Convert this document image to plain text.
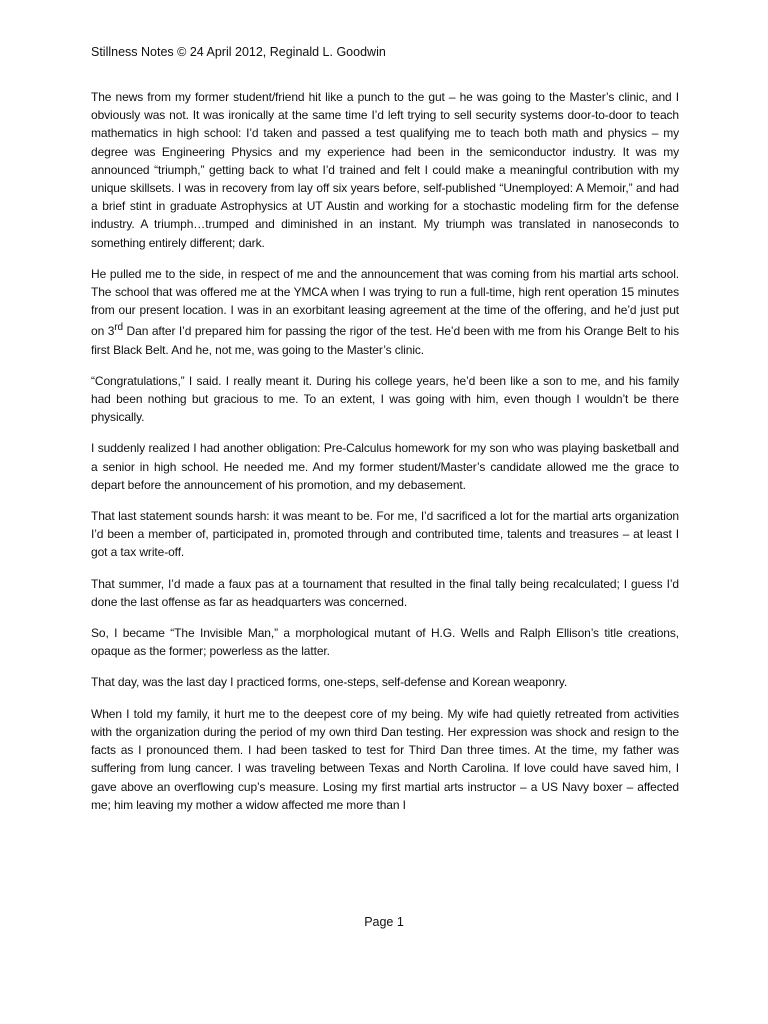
Stillness Notes © 24 April 2012, Reginald L. Goodwin

The news from my former student/friend hit like a punch to the gut – he was going to the Master’s clinic, and I obviously was not. It was ironically at the same time I’d left trying to sell security systems door-to-door to teach mathematics in high school: I’d taken and passed a test qualifying me to teach both math and physics – my degree was Engineering Physics and my experience had been in the semiconductor industry. It was my announced “triumph,” getting back to what I’d trained and felt I could make a meaningful contribution with my unique skillsets. I was in recovery from lay off six years before, self-published “Unemployed: A Memoir,” and had a brief stint in graduate Astrophysics at UT Austin and working for a stochastic modeling firm for the defense industry. A triumph…trumped and diminished in an instant. My triumph was translated in nanoseconds to something entirely different; dark.

He pulled me to the side, in respect of me and the announcement that was coming from his martial arts school. The school that was offered me at the YMCA when I was trying to run a full-time, high rent operation 15 minutes from our present location. I was in an exorbitant leasing agreement at the time of the offering, and he’d just put on 3rd Dan after I’d prepared him for passing the rigor of the test. He’d been with me from his Orange Belt to his first Black Belt. And he, not me, was going to the Master’s clinic.

“Congratulations,” I said. I really meant it. During his college years, he’d been like a son to me, and his family had been nothing but gracious to me. To an extent, I was going with him, even though I wouldn’t be there physically.

I suddenly realized I had another obligation: Pre-Calculus homework for my son who was playing basketball and a senior in high school. He needed me. And my former student/Master’s candidate allowed me the grace to depart before the announcement of his promotion, and my debasement.

That last statement sounds harsh: it was meant to be. For me, I’d sacrificed a lot for the martial arts organization I’d been a member of, participated in, promoted through and contributed time, talents and treasures – at least I got a tax write-off.

That summer, I’d made a faux pas at a tournament that resulted in the final tally being recalculated; I guess I’d done the last offense as far as headquarters was concerned.

So, I became “The Invisible Man,” a morphological mutant of H.G. Wells and Ralph Ellison’s title creations, opaque as the former; powerless as the latter.

That day, was the last day I practiced forms, one-steps, self-defense and Korean weaponry.

When I told my family, it hurt me to the deepest core of my being. My wife had quietly retreated from activities with the organization during the period of my own third Dan testing. Her expression was shock and resign to the facts as I pronounced them. I had been tasked to test for Third Dan three times. At the time, my father was suffering from lung cancer. I was traveling between Texas and North Carolina. If love could have saved him, I gave above an overflowing cup’s measure. Losing my first martial arts instructor – a US Navy boxer – affected me; him leaving my mother a widow affected me more than I

Page 1
